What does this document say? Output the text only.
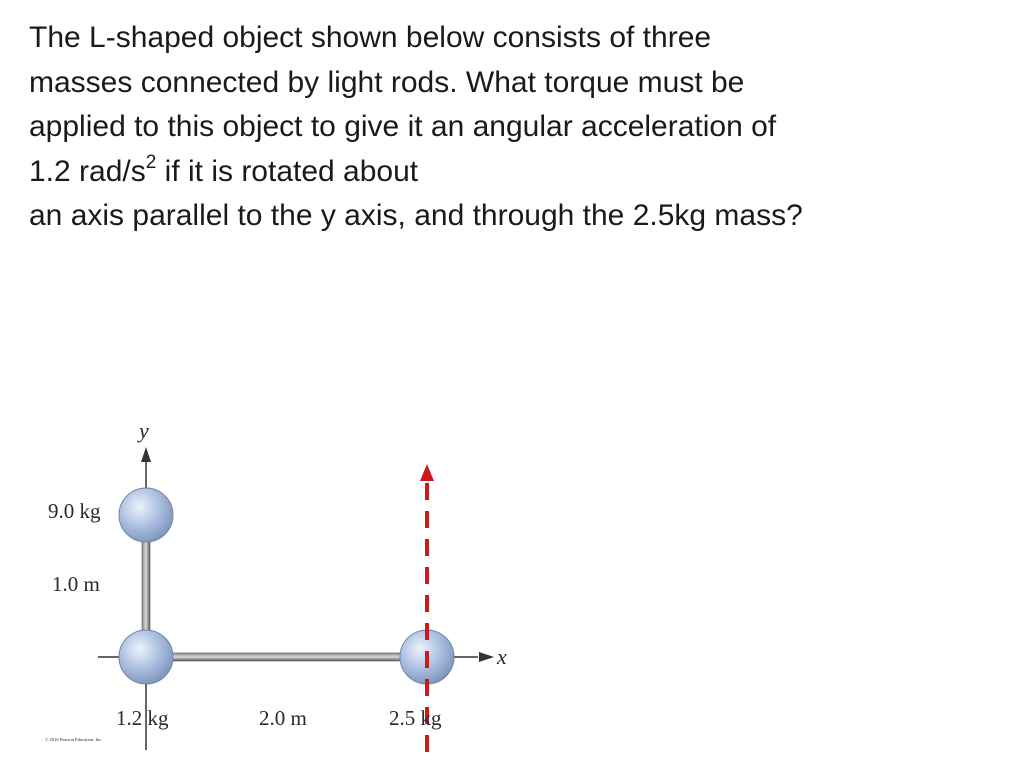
The L-shaped object shown below consists of three
masses connected by light rods. What torque must be
applied to this object to give it an angular acceleration of
1.2 rad/$s^2$ if it is rotated about
an axis parallel to the y axis, and through the 2.5kg mass?
y
x
9.0 kg
1.0 m
1.2 kg	2.0 m	2.5 kg
© 2010 Pearson Education, Inc.
